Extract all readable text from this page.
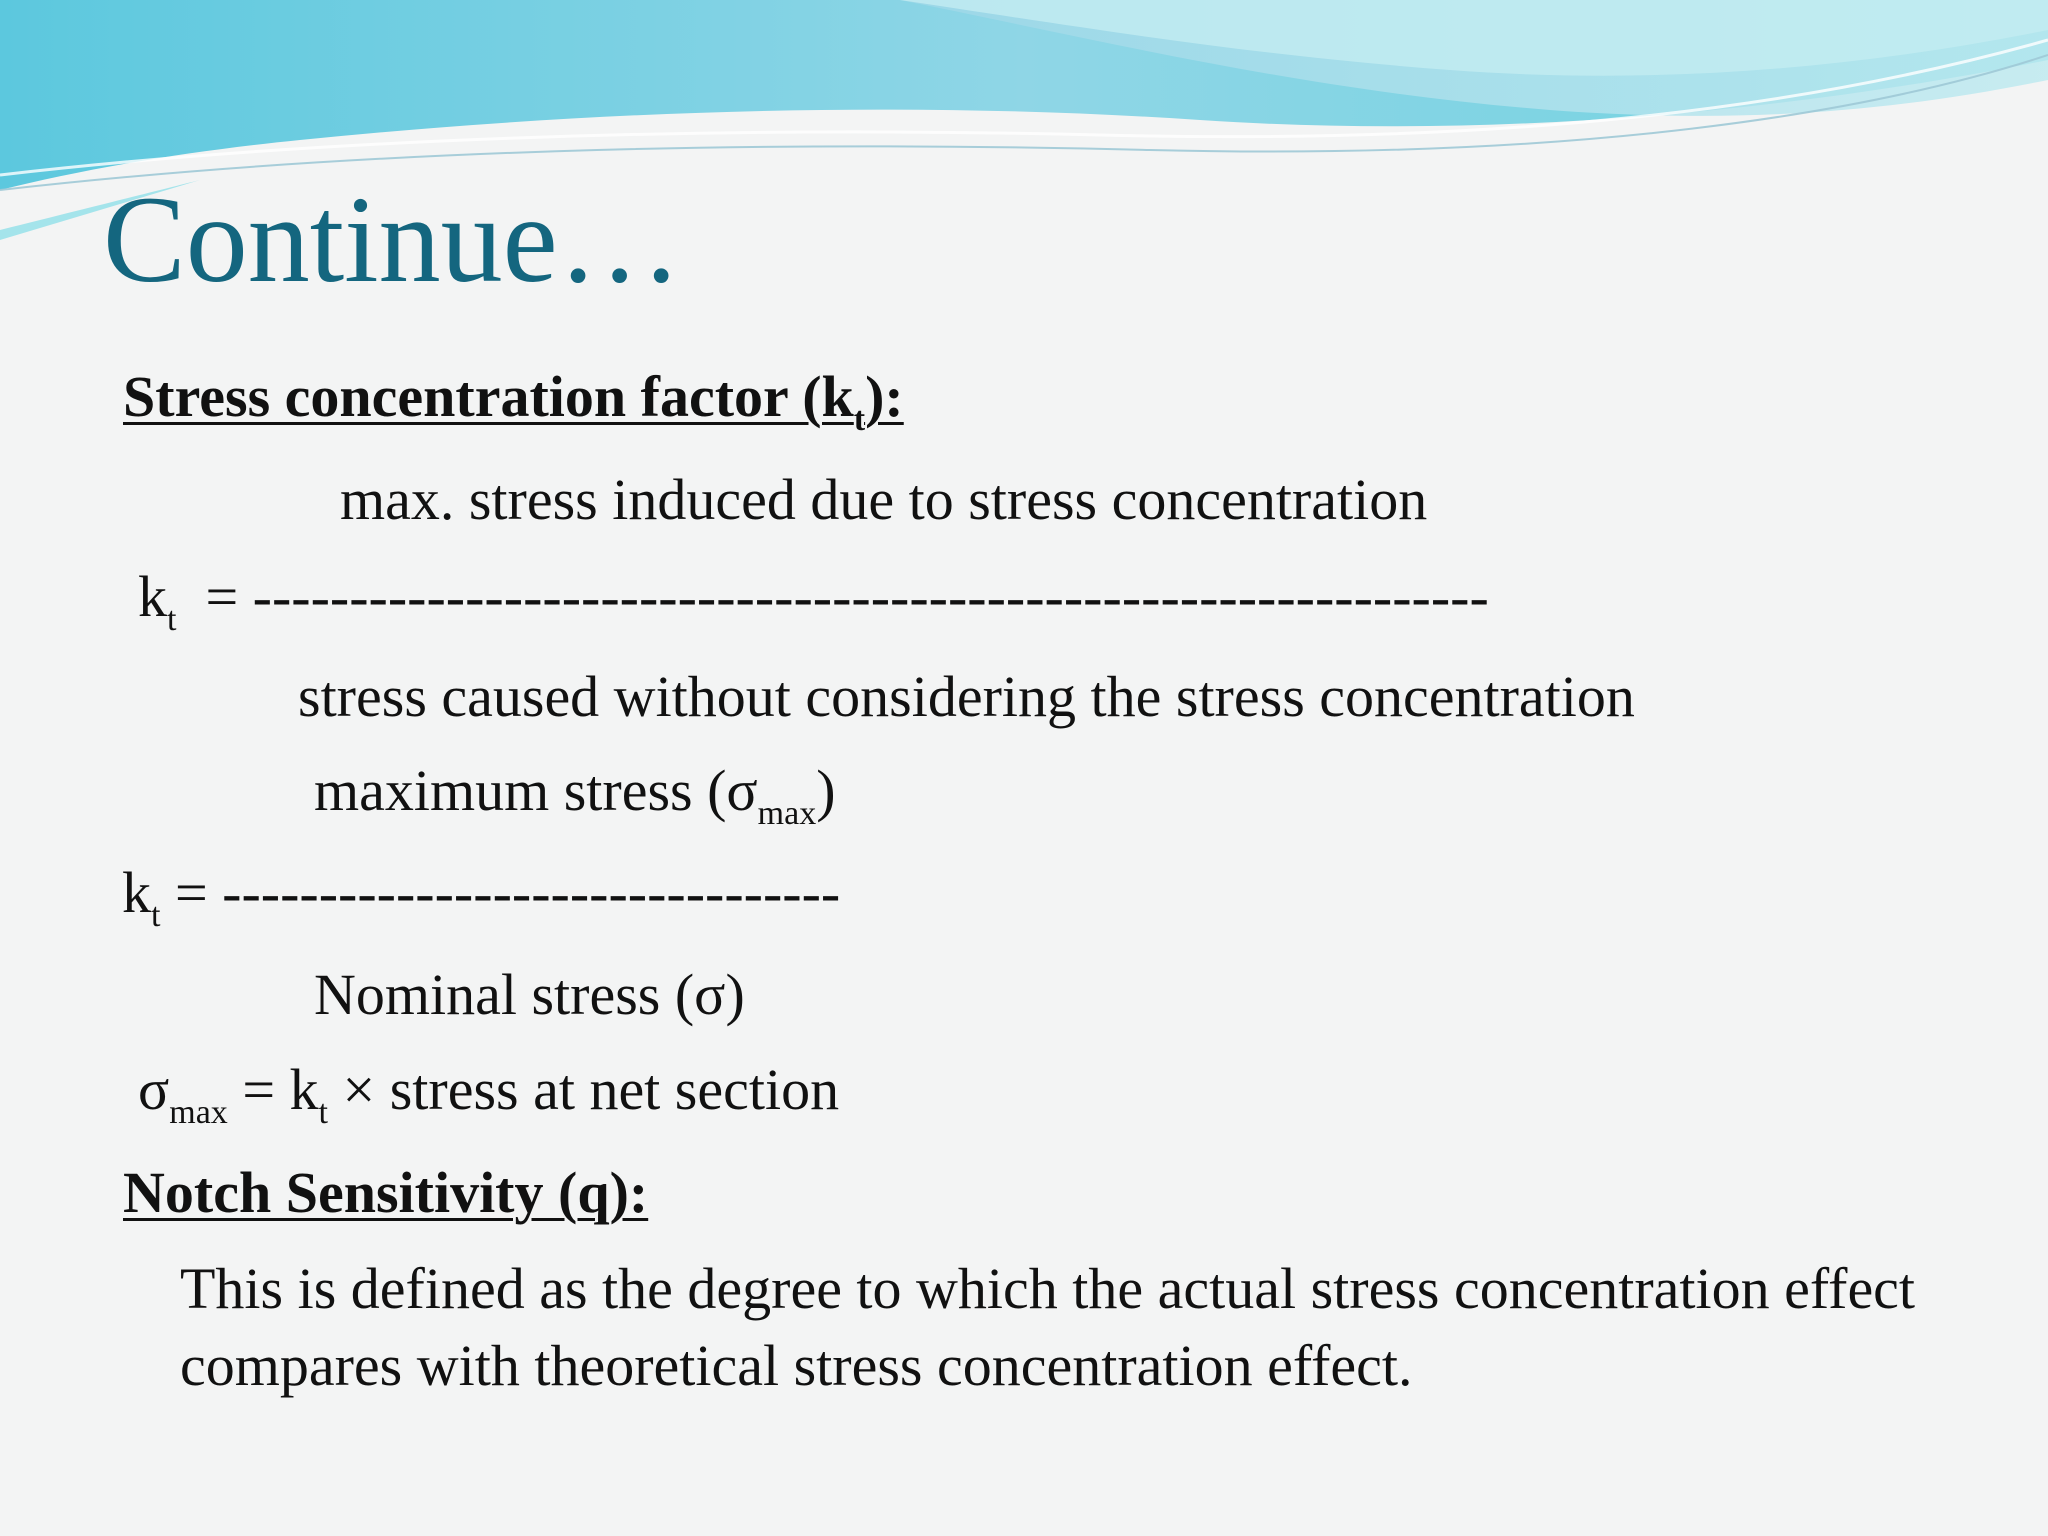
Continue…
Stress concentration factor $(k_t)$:
max. stress induced due to stress concentration
$k_t$  = ----------------------------------------------------------------
stress caused without considering the stress concentration
maximum stress $(\sigma_{max})$
$k_t$ = --------------------------------
Nominal stress (σ)
$\sigma_{max} = k_t$ × stress at net section
Notch Sensitivity (q):
This is defined as the degree to which the actual stress concentration effect compares with theoretical stress concentration effect.
